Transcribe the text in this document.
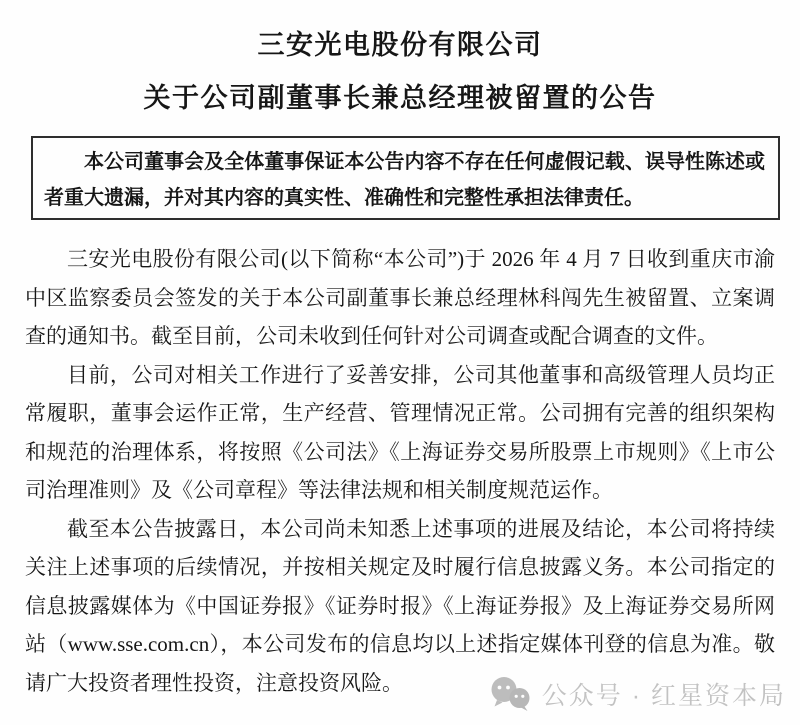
三安光电股份有限公司
关于公司副董事长兼总经理被留置的公告
本公司董事会及全体董事保证本公告内容不存在任何虚假记载、误导性陈述或者重大遗漏，并对其内容的真实性、准确性和完整性承担法律责任。

三安光电股份有限公司(以下简称“本公司”)于 2026 年 4 月 7 日收到重庆市渝中区监察委员会签发的关于本公司副董事长兼总经理林科闯先生被留置、立案调查的通知书。截至目前，公司未收到任何针对公司调查或配合调查的文件。

目前，公司对相关工作进行了妥善安排，公司其他董事和高级管理人员均正常履职，董事会运作正常，生产经营、管理情况正常。公司拥有完善的组织架构和规范的治理体系，将按照《公司法》《上海证券交易所股票上市规则》《上市公司治理准则》及《公司章程》等法律法规和相关制度规范运作。

截至本公告披露日，本公司尚未知悉上述事项的进展及结论，本公司将持续关注上述事项的后续情况，并按相关规定及时履行信息披露义务。本公司指定的信息披露媒体为《中国证券报》《证券时报》《上海证券报》及上海证券交易所网站（www.sse.com.cn），本公司发布的信息均以上述指定媒体刊登的信息为准。敬请广大投资者理性投资，注意投资风险。	公众号 · 红星资本局
